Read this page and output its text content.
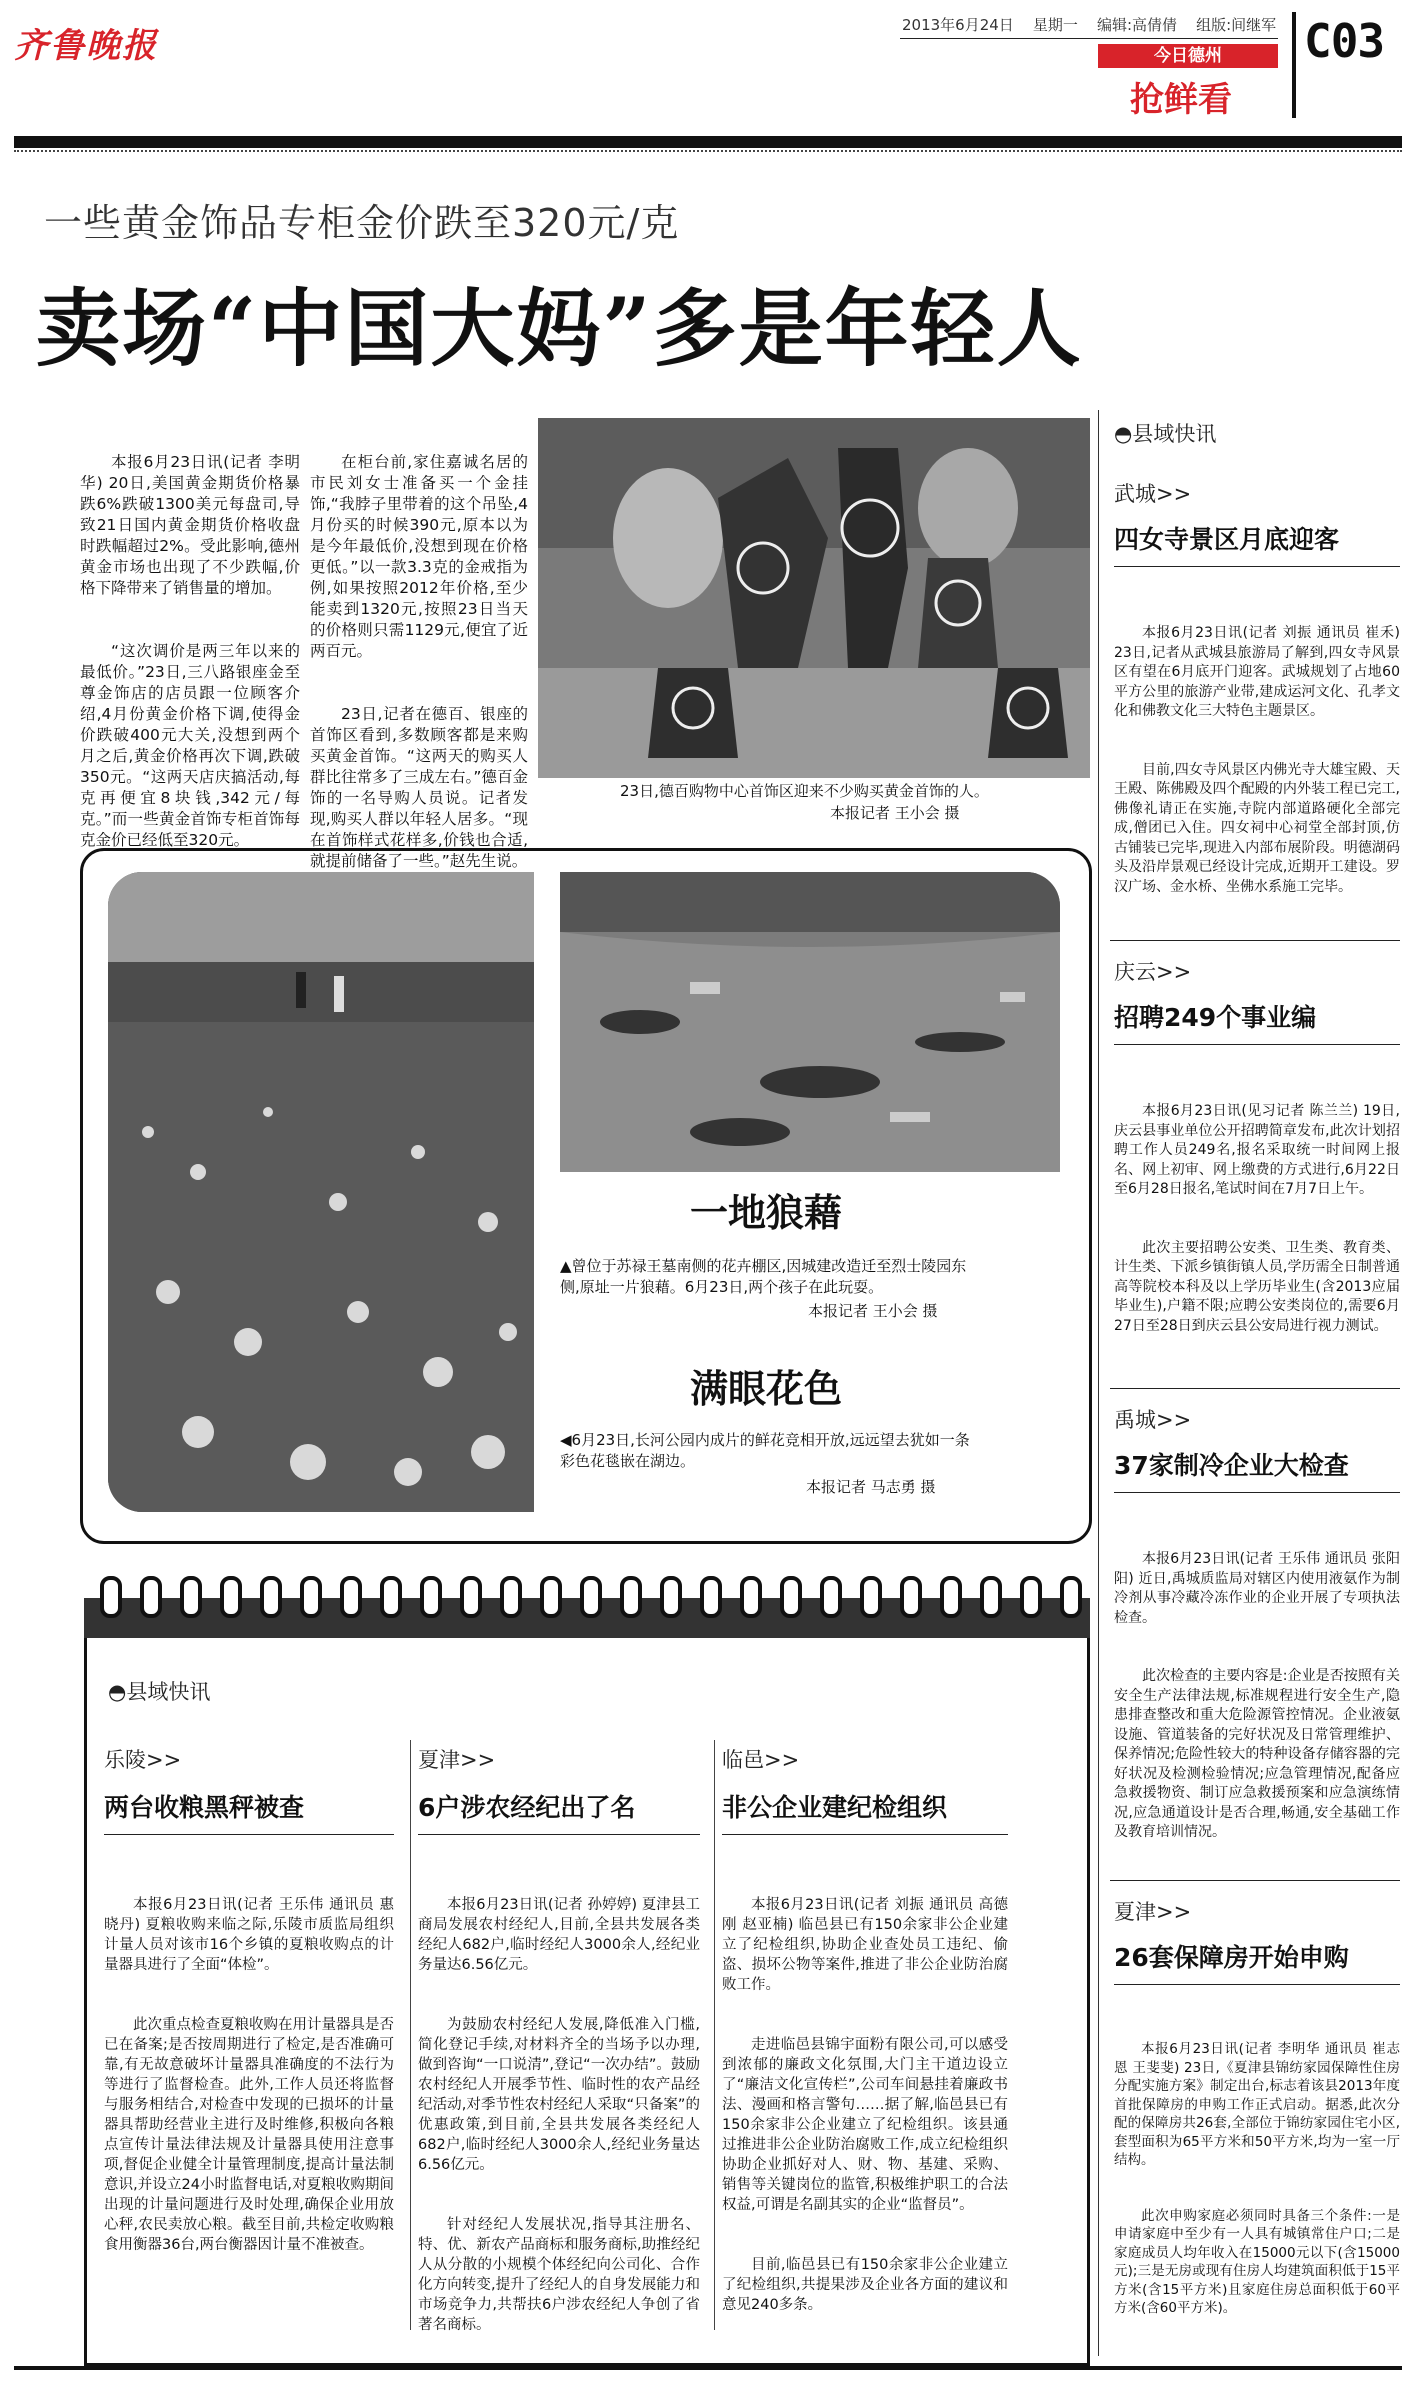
齐鲁晚报
2013年6月24日 星期一 编辑:高倩倩 组版:间继军
今日德州
抢鲜看
C03
一些黄金饰品专柜金价跌至320元/克
卖场“中国大妈”多是年轻人

本报6月23日讯(记者 李明华) 20日,美国黄金期货价格暴跌6%跌破1300美元每盘司,导致21日国内黄金期货价格收盘时跌幅超过2%。受此影响,德州黄金市场也出现了不少跌幅,价格下降带来了销售量的增加。

“这次调价是两三年以来的最低价。”23日,三八路银座金至尊金饰店的店员跟一位顾客介绍,4月份黄金价格下调,使得金价跌破400元大关,没想到两个月之后,黄金价格再次下调,跌破350元。“这两天店庆搞活动,每克再便宜8块钱,342元/每克。”而一些黄金首饰专柜首饰每克金价已经低至320元。

在柜台前,家住嘉诚名居的市民刘女士准备买一个金挂饰,“我脖子里带着的这个吊坠,4月份买的时候390元,原本以为是今年最低价,没想到现在价格更低。”以一款3.3克的金戒指为例,如果按照2012年价格,至少能卖到1320元,按照23日当天的价格则只需1129元,便宜了近两百元。

23日,记者在德百、银座的首饰区看到,多数顾客都是来购买黄金首饰。“这两天的购买人群比往常多了三成左右。”德百金饰的一名导购人员说。记者发现,购买人群以年轻人居多。“现在首饰样式花样多,价钱也合适,就提前储备了一些。”赵先生说。

23日,德百购物中心首饰区迎来不少购买黄金首饰的人。
本报记者 王小会 摄
一地狼藉
▲曾位于苏禄王墓南侧的花卉棚区,因城建改造迁至烈士陵园东侧,原址一片狼藉。6月23日,两个孩子在此玩耍。
本报记者 王小会 摄
满眼花色
◀6月23日,长河公园内成片的鲜花竞相开放,远远望去犹如一条彩色花毯嵌在湖边。
本报记者 马志勇 摄
◓县域快讯
乐陵>>
两台收粮黑秤被查

本报6月23日讯(记者 王乐伟 通讯员 惠晓丹) 夏粮收购来临之际,乐陵市质监局组织计量人员对该市16个乡镇的夏粮收购点的计量器具进行了全面“体检”。

此次重点检查夏粮收购在用计量器具是否已在备案;是否按周期进行了检定,是否准确可靠,有无故意破坏计量器具准确度的不法行为等进行了监督检查。此外,工作人员还将监督与服务相结合,对检查中发现的已损坏的计量器具帮助经营业主进行及时维修,积极向各粮点宣传计量法律法规及计量器具使用注意事项,督促企业健全计量管理制度,提高计量法制意识,并设立24小时监督电话,对夏粮收购期间出现的计量问题进行及时处理,确保企业用放心秤,农民卖放心粮。截至目前,共检定收购粮食用衡器36台,两台衡器因计量不准被查。

夏津>>
6户涉农经纪出了名

本报6月23日讯(记者 孙婷婷) 夏津县工商局发展农村经纪人,目前,全县共发展各类经纪人682户,临时经纪人3000余人,经纪业务量达6.56亿元。

为鼓励农村经纪人发展,降低准入门槛,简化登记手续,对材料齐全的当场予以办理,做到咨询“一口说清”,登记“一次办结”。鼓励农村经纪人开展季节性、临时性的农产品经纪活动,对季节性农村经纪人采取“只备案”的优惠政策,到目前,全县共发展各类经纪人682户,临时经纪人3000余人,经纪业务量达6.56亿元。

针对经纪人发展状况,指导其注册名、特、优、新农产品商标和服务商标,助推经纪人从分散的小规模个体经纪向公司化、合作化方向转变,提升了经纪人的自身发展能力和市场竞争力,共帮扶6户涉农经纪人争创了省著名商标。

临邑>>
非公企业建纪检组织

本报6月23日讯(记者 刘振 通讯员 高德刚 赵亚楠) 临邑县已有150余家非公企业建立了纪检组织,协助企业查处员工违纪、偷盗、损坏公物等案件,推进了非公企业防治腐败工作。

走进临邑县锦宇面粉有限公司,可以感受到浓郁的廉政文化氛围,大门主干道边设立了“廉洁文化宣传栏”,公司车间悬挂着廉政书法、漫画和格言警句……据了解,临邑县已有150余家非公企业建立了纪检组织。该县通过推进非公企业防治腐败工作,成立纪检组织协助企业抓好对人、财、物、基建、采购、销售等关键岗位的监管,积极维护职工的合法权益,可谓是名副其实的企业“监督员”。

目前,临邑县已有150余家非公企业建立了纪检组织,共提果涉及企业各方面的建议和意见240多条。

◓县域快讯
武城>>
四女寺景区月底迎客

本报6月23日讯(记者 刘振 通讯员 崔禾) 23日,记者从武城县旅游局了解到,四女寺风景区有望在6月底开门迎客。武城规划了占地60平方公里的旅游产业带,建成运河文化、孔孝文化和佛教文化三大特色主题景区。

目前,四女寺风景区内佛光寺大雄宝殿、天王殿、陈佛殿及四个配殿的内外装工程已完工,佛像礼请正在实施,寺院内部道路硬化全部完成,僧团已入住。四女祠中心祠堂全部封顶,仿古铺装已完毕,现进入内部布展阶段。明德湖码头及沿岸景观已经设计完成,近期开工建设。罗汉广场、金水桥、坐佛水系施工完毕。

庆云>>
招聘249个事业编

本报6月23日讯(见习记者 陈兰兰) 19日,庆云县事业单位公开招聘简章发布,此次计划招聘工作人员249名,报名采取统一时间网上报名、网上初审、网上缴费的方式进行,6月22日至6月28日报名,笔试时间在7月7日上午。

此次主要招聘公安类、卫生类、教育类、计生类、下派乡镇街镇人员,学历需全日制普通高等院校本科及以上学历毕业生(含2013应届毕业生),户籍不限;应聘公安类岗位的,需要6月27日至28日到庆云县公安局进行视力测试。

禹城>>
37家制冷企业大检查

本报6月23日讯(记者 王乐伟 通讯员 张阳阳) 近日,禹城质监局对辖区内使用液氨作为制冷剂从事冷藏冷冻作业的企业开展了专项执法检查。

此次检查的主要内容是:企业是否按照有关安全生产法律法规,标准规程进行安全生产,隐患排查整改和重大危险源管控情况。企业液氨设施、管道装备的完好状况及日常管理维护、保养情况;危险性较大的特种设备存储容器的完好状况及检测检验情况;应急管理情况,配备应急救援物资、制订应急救援预案和应急演练情况,应急通道设计是否合理,畅通,安全基础工作及教育培训情况。

夏津>>
26套保障房开始申购

本报6月23日讯(记者 李明华 通讯员 崔志恩 王斐斐) 23日,《夏津县锦纺家园保障性住房分配实施方案》制定出台,标志着该县2013年度首批保障房的申购工作正式启动。据悉,此次分配的保障房共26套,全部位于锦纺家园住宅小区,套型面积为65平方米和50平方米,均为一室一厅结构。

此次申购家庭必须同时具备三个条件:一是申请家庭中至少有一人具有城镇常住户口;二是家庭成员人均年收入在15000元以下(含15000元);三是无房或现有住房人均建筑面积低于15平方米(含15平方米)且家庭住房总面积低于60平方米(含60平方米)。
